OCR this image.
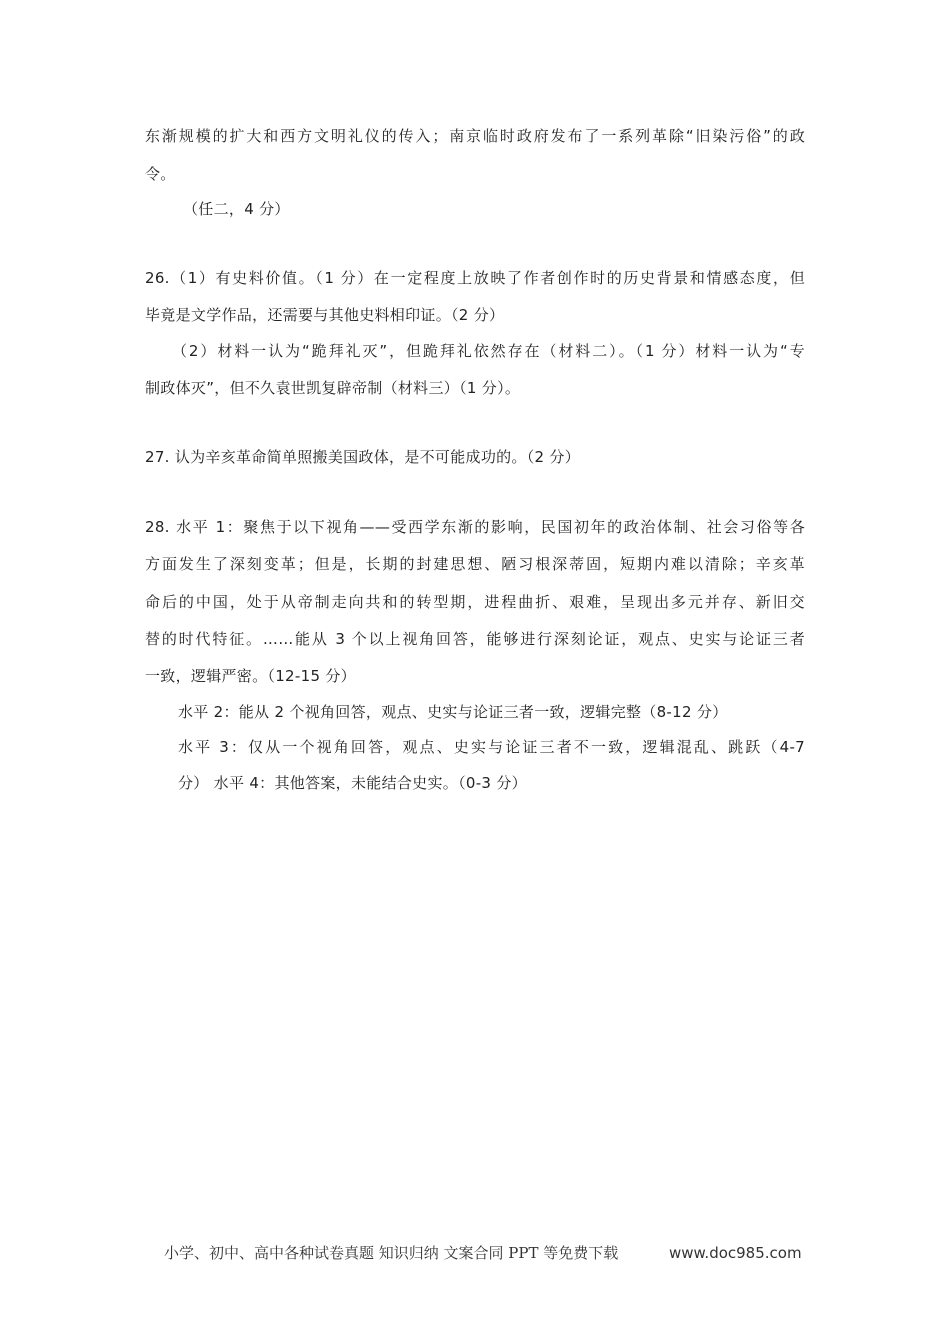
东渐规模的扩大和西方文明礼仪的传入；南京临时政府发布了一系列革除“旧染污俗”的政
令。
（任二，4 分）
26.（1）有史料价值。（1 分）在一定程度上放映了作者创作时的历史背景和情感态度，但
毕竟是文学作品，还需要与其他史料相印证。（2 分）
（2）材料一认为“跪拜礼灭”，但跪拜礼依然存在（材料二）。（1 分）材料一认为“专
制政体灭”，但不久袁世凯复辟帝制（材料三）（1 分）。
27. 认为辛亥革命简单照搬美国政体，是不可能成功的。（2 分）
28. 水平 1：聚焦于以下视角——受西学东渐的影响，民国初年的政治体制、社会习俗等各
方面发生了深刻变革；但是，长期的封建思想、陋习根深蒂固，短期内难以清除；辛亥革
命后的中国，处于从帝制走向共和的转型期，进程曲折、艰难，呈现出多元并存、新旧交
替的时代特征。……能从 3 个以上视角回答，能够进行深刻论证，观点、史实与论证三者
一致，逻辑严密。（12-15 分）
水平 2：能从 2 个视角回答，观点、史实与论证三者一致，逻辑完整（8-12 分）
水平 3：仅从一个视角回答，观点、史实与论证三者不一致，逻辑混乱、跳跃（4-7
分） 水平 4：其他答案，未能结合史实。（0-3 分）
小学、初中、高中各种试卷真题 知识归纳 文案合同 PPT 等免费下载	www.doc985.com
